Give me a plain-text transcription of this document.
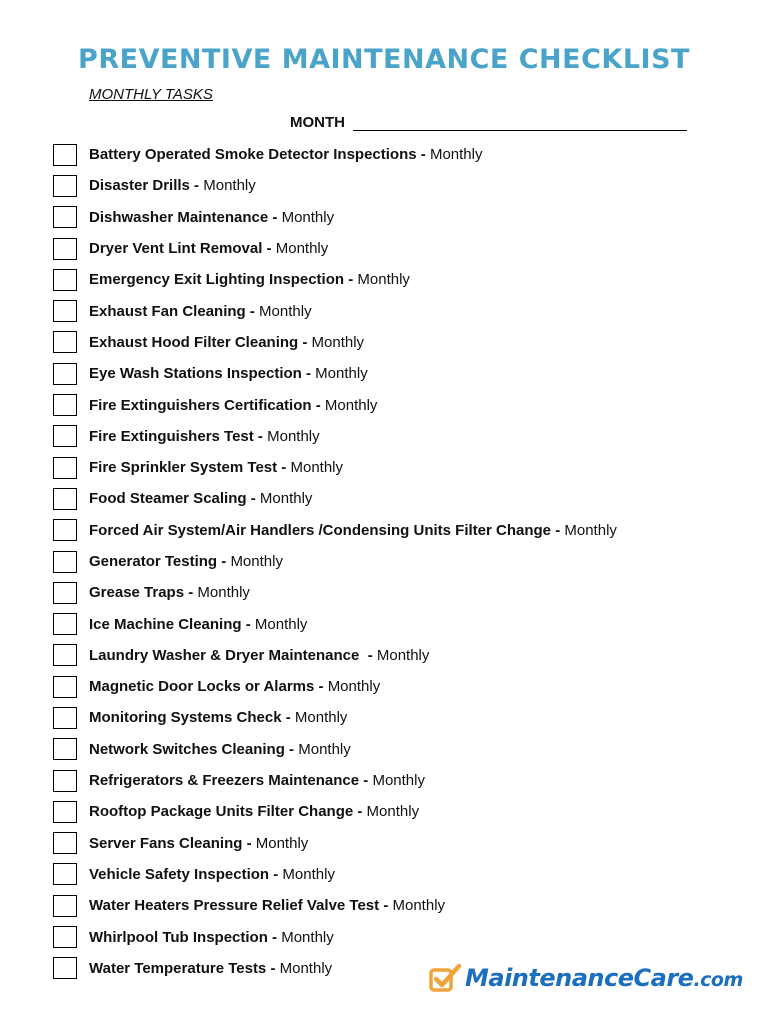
PREVENTIVE MAINTENANCE CHECKLIST
MONTHLY TASKS
MONTH
Battery Operated Smoke Detector Inspections - Monthly
Disaster Drills - Monthly
Dishwasher Maintenance - Monthly
Dryer Vent Lint Removal - Monthly
Emergency Exit Lighting Inspection - Monthly
Exhaust Fan Cleaning - Monthly
Exhaust Hood Filter Cleaning - Monthly
Eye Wash Stations Inspection - Monthly
Fire Extinguishers Certification - Monthly
Fire Extinguishers Test - Monthly
Fire Sprinkler System Test - Monthly
Food Steamer Scaling - Monthly
Forced Air System/Air Handlers /Condensing Units Filter Change - Monthly
Generator Testing - Monthly
Grease Traps - Monthly
Ice Machine Cleaning - Monthly
Laundry Washer & Dryer Maintenance  - Monthly
Magnetic Door Locks or Alarms - Monthly
Monitoring Systems Check - Monthly
Network Switches Cleaning - Monthly
Refrigerators & Freezers Maintenance - Monthly
Rooftop Package Units Filter Change - Monthly
Server Fans Cleaning - Monthly
Vehicle Safety Inspection - Monthly
Water Heaters Pressure Relief Valve Test - Monthly
Whirlpool Tub Inspection - Monthly
Water Temperature Tests - Monthly	MaintenanceCare.com
